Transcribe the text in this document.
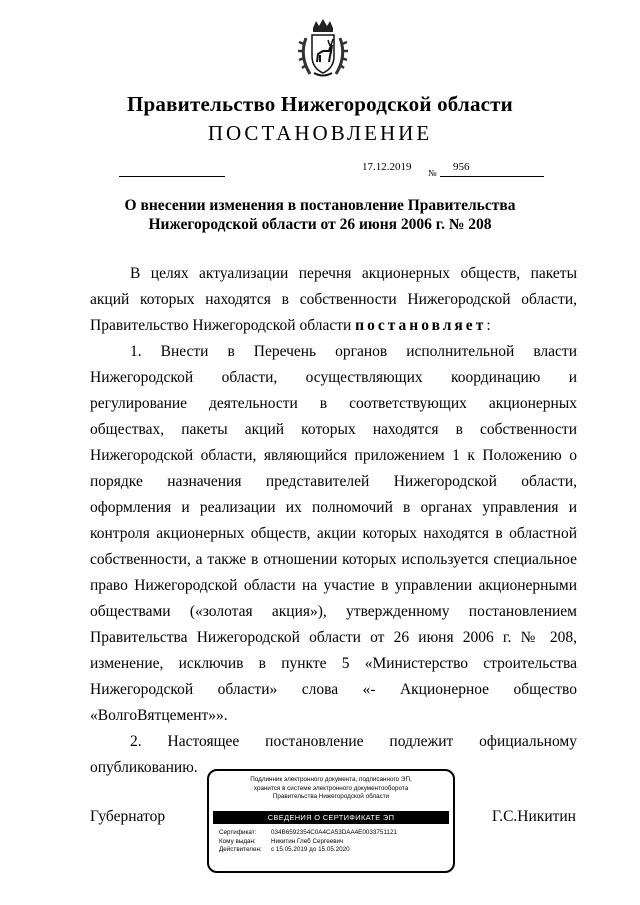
Правительство Нижегородской области
ПОСТАНОВЛЕНИЕ
17.12.2019 № 956
О внесении изменения в постановление Правительства
Нижегородской области от 26 июня 2006 г. № 208

В целях актуализации перечня акционерных обществ, пакеты акций которых находятся в собственности Нижегородской области, Правительство Нижегородской области постановляет:

1. Внести в Перечень органов исполнительной власти Нижегородской области, осуществляющих координацию и регулирование деятельности в соответствующих акционерных обществах, пакеты акций которых находятся в собственности Нижегородской области, являющийся приложением 1 к Положению о порядке назначения представителей Нижегородской области, оформления и реализации их полномочий в органах управления и контроля акционерных обществ, акции которых находятся в областной собственности, а также в отношении которых используется специальное право Нижегородской области на участие в управлении акционерными обществами («золотая акция»), утвержденному постановлением Правительства Нижегородской области от 26 июня 2006 г. № 208, изменение, исключив в пункте 5 «Министерство строительства Нижегородской области» слова «- Акционерное общество «ВолгоВятцемент»».

2. Настоящее постановление подлежит официальному опубликованию.

Губернатор	Г.С.Никитин
Подлинник электронного документа, подписанного ЭП,
хранится в системе электронного документооборота
Правительства Нижегородской области
СВЕДЕНИЯ О СЕРТИФИКАТЕ ЭП
Сертификат: 034B6592354C0A4CA53DAA4E0033751121
Кому выдан: Никитин Глеб Сергеевич
Действителен: с 15.05.2019 до 15.05.2020
